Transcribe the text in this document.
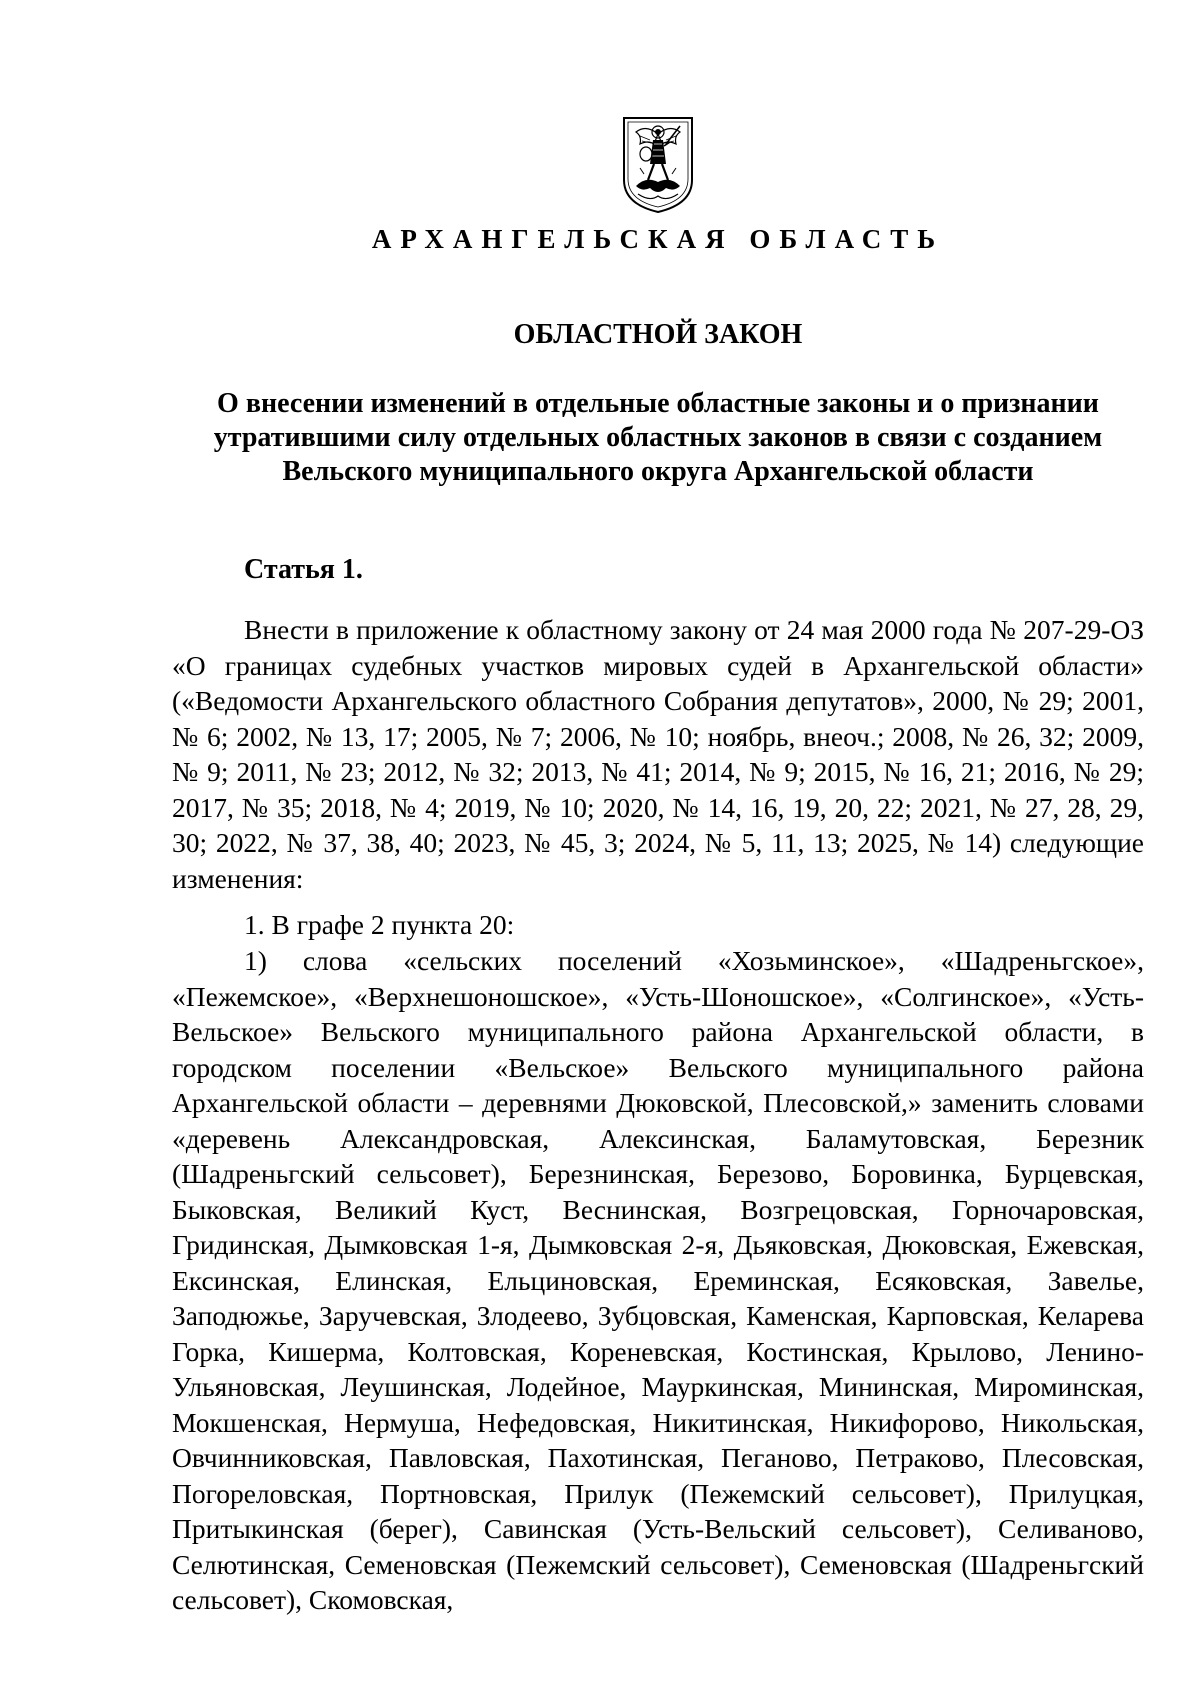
АРХАНГЕЛЬСКАЯ ОБЛАСТЬ
ОБЛАСТНОЙ ЗАКОН
О внесении изменений в отдельные областные законы и о признании
утратившими силу отдельных областных законов в связи с созданием
Вельского муниципального округа Архангельской области
Статья 1.

Внести в приложение к областному закону от 24 мая 2000 года № 207-29-ОЗ «О границах судебных участков мировых судей в Архангельской области» («Ведомости Архангельского областного Собрания депутатов», 2000, № 29; 2001, № 6; 2002, № 13, 17; 2005, № 7; 2006, № 10; ноябрь, внеоч.; 2008, № 26, 32; 2009, № 9; 2011, № 23; 2012, № 32; 2013, № 41; 2014, № 9; 2015, № 16, 21; 2016, № 29; 2017, № 35; 2018, № 4; 2019, № 10; 2020, № 14, 16, 19, 20, 22; 2021, № 27, 28, 29, 30; 2022, № 37, 38, 40; 2023, № 45, 3; 2024, № 5, 11, 13; 2025, № 14) следующие изменения:

1. В графе 2 пункта 20:

1) слова «сельских поселений «Хозьминское», «Шадреньгское», «Пежемское», «Верхнешоношское», «Усть-Шоношское», «Солгинское», «Усть-Вельское» Вельского муниципального района Архангельской области, в городском поселении «Вельское» Вельского муниципального района Архангельской области – деревнями Дюковской, Плесовской,» заменить словами «деревень Александровская, Алексинская, Баламутовская, Березник (Шадреньгский сельсовет), Березнинская, Березово, Боровинка, Бурцевская, Быковская, Великий Куст, Веснинская, Возгрецовская, Горночаровская, Гридинская, Дымковская 1-я, Дымковская 2-я, Дьяковская, Дюковская, Ежевская, Ексинская, Елинская, Ельциновская, Ереминская, Есяковская, Завелье, Заподюжье, Заручевская, Злодеево, Зубцовская, Каменская, Карповская, Келарева Горка, Кишерма, Колтовская, Кореневская, Костинская, Крылово, Ленино-Ульяновская, Леушинская, Лодейное, Мауркинская, Мининская, Мироминская, Мокшенская, Нермуша, Нефедовская, Никитинская, Никифорово, Никольская, Овчинниковская, Павловская, Пахотинская, Пеганово, Петраково, Плесовская, Погореловская, Портновская, Прилук (Пежемский сельсовет), Прилуцкая, Притыкинская (берег), Савинская (Усть-Вельский сельсовет), Селиваново, Селютинская, Семеновская (Пежемский сельсовет), Семеновская (Шадреньгский сельсовет), Скомовская,
